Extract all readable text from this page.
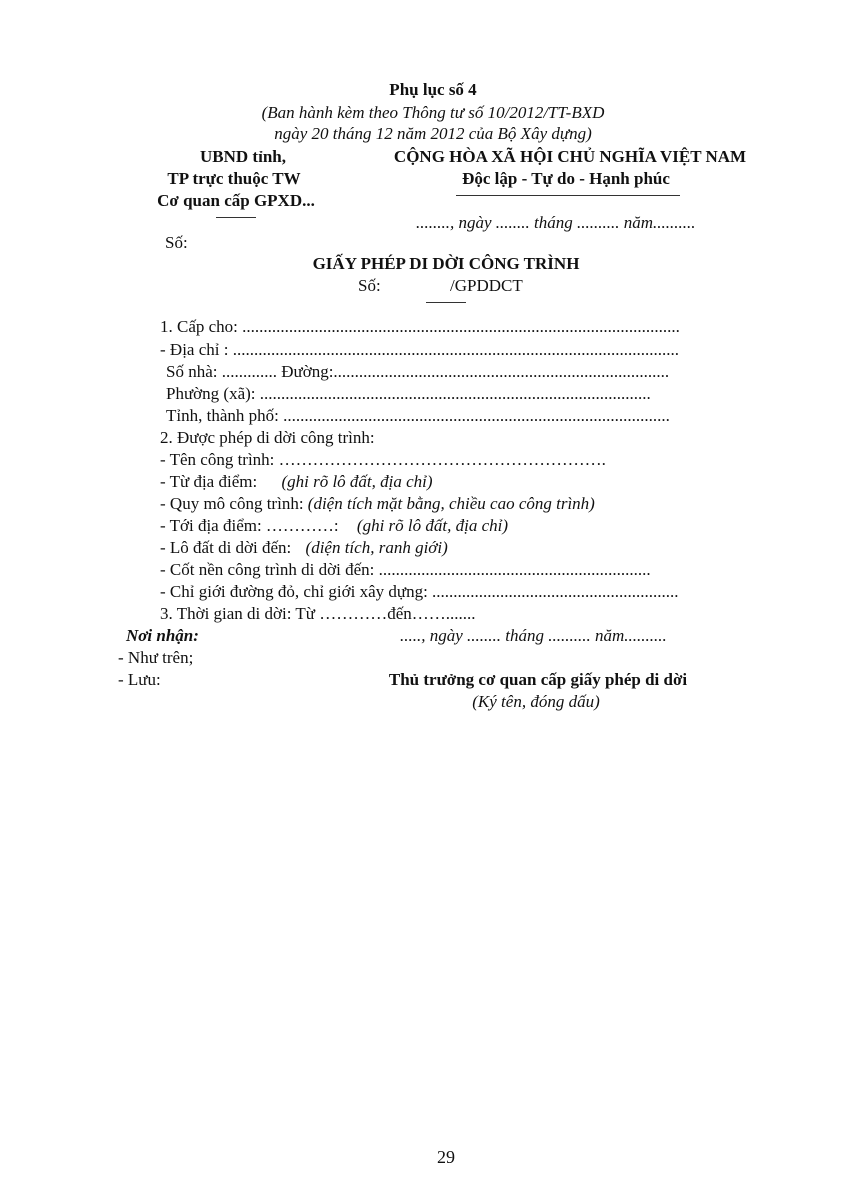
Phụ lục số 4
(Ban hành kèm theo Thông tư số 10/2012/TT-BXD
ngày 20 tháng 12 năm 2012 của Bộ Xây dựng)
UBND tỉnh,
TP trực thuộc TW
Cơ quan cấp GPXD...
CỘNG HÒA XÃ HỘI CHỦ NGHĨA VIỆT NAM
Độc lập - Tự do - Hạnh phúc
........, ngày ........ tháng .......... năm..........
Số:
GIẤY PHÉP DI DỜI CÔNG TRÌNH
Số:	/GPDDCT
1. Cấp cho: .......................................................................................................
- Địa chỉ : .........................................................................................................
Số nhà: ............. Đường:...............................................................................
Phường (xã): ............................................................................................
Tỉnh, thành phố: ...........................................................................................
2. Được phép di dời công trình:
- Tên công trình: ………………………………………………….
- Từ địa điểm: (ghi rõ lô đất, địa chỉ)
- Quy mô công trình: (diện tích mặt bằng, chiều cao công trình)
- Tới địa điểm: …………: (ghi rõ lô đất, địa chỉ)
- Lô đất di dời đến: (diện tích, ranh giới)
- Cốt nền công trình di dời đến: ................................................................
- Chỉ giới đường đỏ, chỉ giới xây dựng: ..........................................................
3. Thời gian di dời: Từ …………đến…….......
Nơi nhận:	....., ngày ........ tháng .......... năm..........
- Như trên;
- Lưu:	Thủ trưởng cơ quan cấp giấy phép di dời
(Ký tên, đóng dấu)
29
